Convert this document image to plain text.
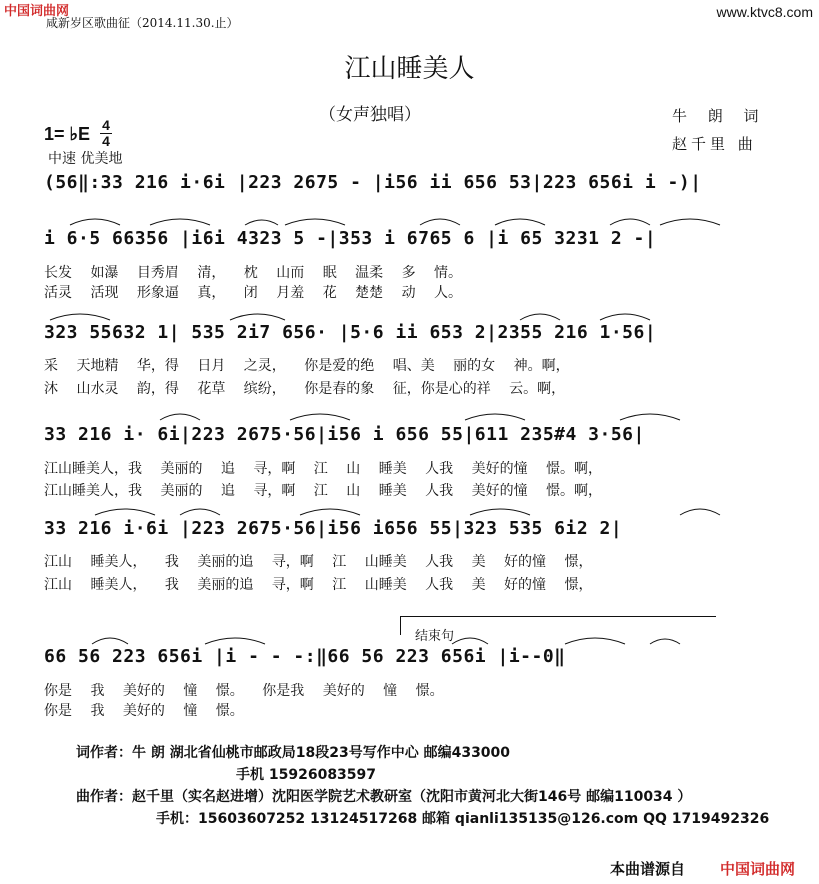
中国词曲网	www.ktvc8.com
咸新岁区歌曲征（2014.11.30.止）
江山睡美人
（女声独唱）	牛 朗 词
赵千里 曲
1= ♭E 4
4
中速 优美地
(56‖:33 216 i·6i |223 2675 - |i56 ii 656 53|223 656i i -)|
i 6·5 66356 |i6i 4323 5 -|353 i 6765 6 |i 65 3231 2 -|
长发 如瀑 目秀眉 清， 枕 山而 眠 温柔 多 情。
活灵 活现 形象逼 真， 闭 月羞 花 楚楚 动 人。
323 55632 1| 535 2i7 656· |5·6 ii 653 2|2355 216 1·56|
采 天地精 华，得 日月 之灵， 你是爱的绝 唱、美 丽的女 神。啊，
沐 山水灵 韵，得 花草 缤纷， 你是春的象 征，你是心的祥 云。啊，
33 216 i· 6i|223 2675·56|i56 i 656 55|611 235#4 3·56|
江山睡美人，我 美丽的 追 寻，啊 江 山 睡美 人我 美好的憧 憬。啊，
江山睡美人，我 美丽的 追 寻，啊 江 山 睡美 人我 美好的憧 憬。啊，
33 216 i·6i |223 2675·56|i56 i656 55|323 535 6i2 2|
江山 睡美人， 我 美丽的追 寻，啊 江 山睡美 人我 美 好的憧 憬，
江山 睡美人， 我 美丽的追 寻，啊 江 山睡美 人我 美 好的憧 憬，
结束句
66 56 223 656i |i - - -:‖66 56 223 656i |i--0‖
你是 我 美好的 憧 憬。 你是我 美好的 憧 憬。
你是 我 美好的 憧 憬。
词作者：牛 朗 湖北省仙桃市邮政局18段23号写作中心 邮编433000
手机 15926083597
曲作者：赵千里（实名赵进增）沈阳医学院艺术教研室（沈阳市黄河北大街146号 邮编110034 ）
手机：15603607252 13124517268 邮箱 qianli135135@126.com QQ 1719492326
本曲谱源自 中国词曲网
